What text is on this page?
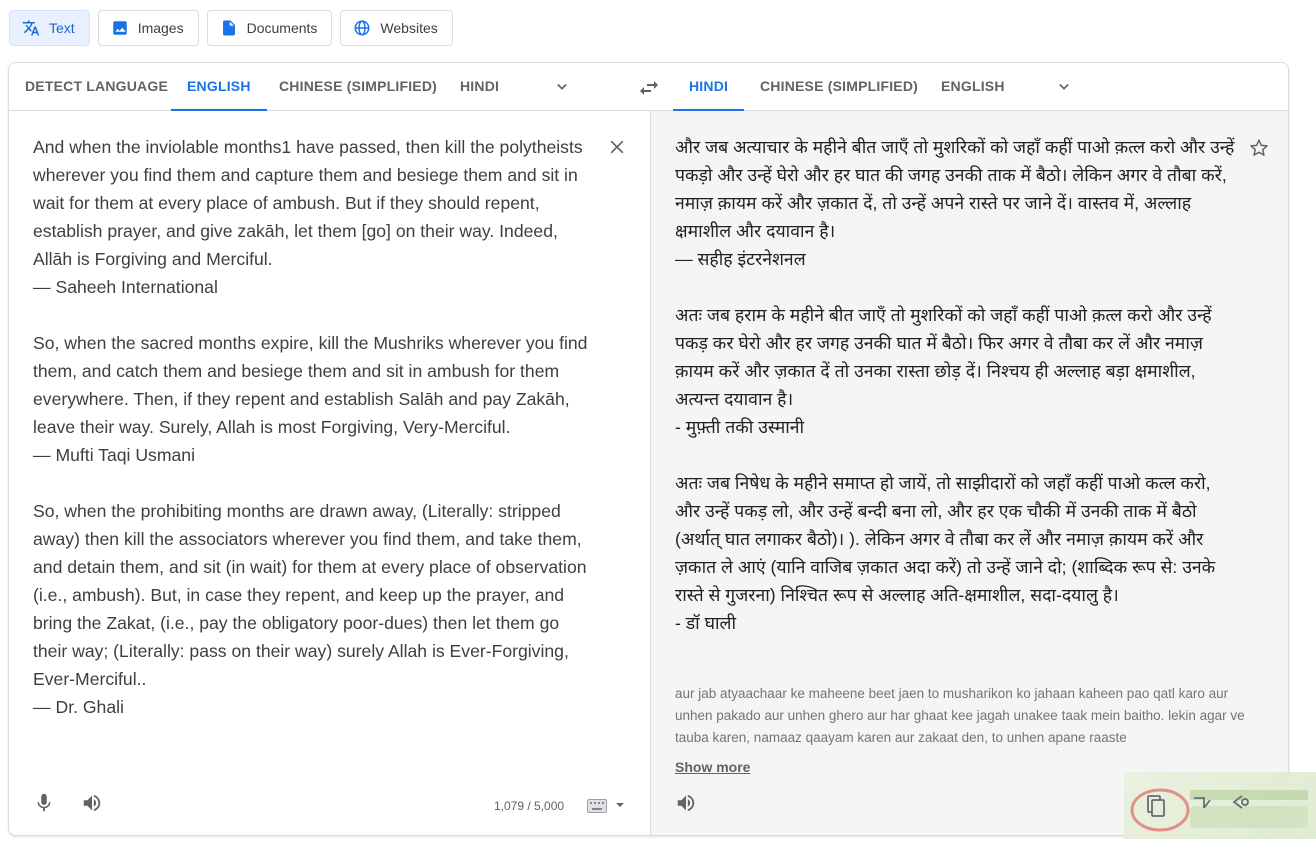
Text	Images	Documents	Websites
DETECT LANGUAGE	ENGLISH	CHINESE (SIMPLIFIED)	HINDI	HINDI	CHINESE (SIMPLIFIED)	ENGLISH
And when the inviolable months1 have passed, then kill the polytheists wherever you find them and capture them and besiege them and sit in wait for them at every place of ambush. But if they should repent, establish prayer, and give zakāh, let them [go] on their way. Indeed, Allāh is Forgiving and Merciful.
— Saheeh International

So, when the sacred months expire, kill the Mushriks wherever you find them, and catch them and besiege them and sit in ambush for them everywhere. Then, if they repent and establish Salāh and pay Zakāh, leave their way. Surely, Allah is most Forgiving, Very-Merciful.
— Mufti Taqi Usmani

So, when the prohibiting months are drawn away, (Literally: stripped away) then kill the associators wherever you find them, and take them, and detain them, and sit (in wait) for them at every place of observation (i.e., ambush). But, in case they repent, and keep up the prayer, and bring the Zakat, (i.e., pay the obligatory poor-dues) then let them go their way; (Literally: pass on their way) surely Allah is Ever-Forgiving, Ever-Merciful..
— Dr. Ghali
1,079 / 5,000
और जब अत्याचार के महीने बीत जाएँ तो मुशरिकों को जहाँ कहीं पाओ क़त्ल करो और उन्हें पकड़ो और उन्हें घेरो और हर घात की जगह उनकी ताक में बैठो। लेकिन अगर वे तौबा करें, नमाज़ क़ायम करें और ज़कात दें, तो उन्हें अपने रास्ते पर जाने दें। वास्तव में, अल्लाह क्षमाशील और दयावान है।
— सहीह इंटरनेशनल

अतः जब हराम के महीने बीत जाएँ तो मुशरिकों को जहाँ कहीं पाओ क़त्ल करो और उन्हें पकड़ कर घेरो और हर जगह उनकी घात में बैठो। फिर अगर वे तौबा कर लें और नमाज़ क़ायम करें और ज़कात दें तो उनका रास्ता छोड़ दें। निश्चय ही अल्लाह बड़ा क्षमाशील, अत्यन्त दयावान है।
- मुफ़्ती तकी उस्मानी

अतः जब निषेध के महीने समाप्त हो जायें, तो साझीदारों को जहाँ कहीं पाओ कत्ल करो, और उन्हें पकड़ लो, और उन्हें बन्दी बना लो, और हर एक चौकी में उनकी ताक में बैठो (अर्थात् घात लगाकर बैठो)। ). लेकिन अगर वे तौबा कर लें और नमाज़ क़ायम करें और ज़कात ले आएं (यानि वाजिब ज़कात अदा करें) तो उन्हें जाने दो; (शाब्दिक रूप से: उनके रास्ते से गुजरना) निश्चित रूप से अल्लाह अति-क्षमाशील, सदा-दयालु है।
- डॉ घाली
aur jab atyaachaar ke maheene beet jaen to musharikon ko jahaan kaheen pao qatl karo aur unhen pakado aur unhen ghero aur har ghaat kee jagah unakee taak mein baitho. lekin agar ve tauba karen, namaaz qaayam karen aur zakaat den, to unhen apane raaste
Show more
